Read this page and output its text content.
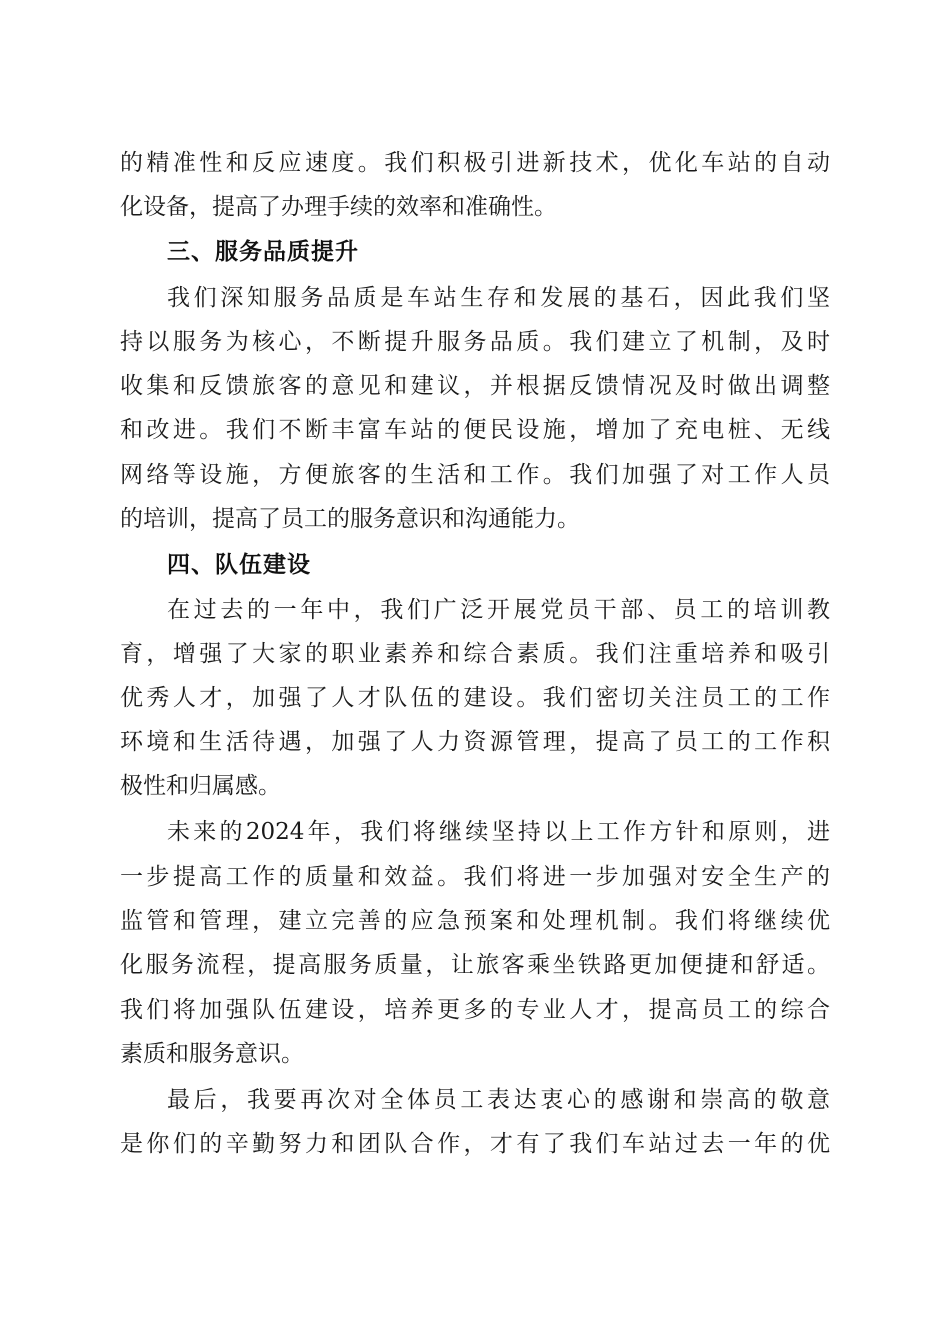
的精准性和反应速度。我们积极引进新技术，优化车站的自动
化设备，提高了办理手续的效率和准确性。
三、服务品质提升
我们深知服务品质是车站生存和发展的基石，因此我们坚
持以服务为核心，不断提升服务品质。我们建立了机制，及时
收集和反馈旅客的意见和建议，并根据反馈情况及时做出调整
和改进。我们不断丰富车站的便民设施，增加了充电桩、无线
网络等设施，方便旅客的生活和工作。我们加强了对工作人员
的培训，提高了员工的服务意识和沟通能力。
四、队伍建设
在过去的一年中，我们广泛开展党员干部、员工的培训教
育，增强了大家的职业素养和综合素质。我们注重培养和吸引
优秀人才，加强了人才队伍的建设。我们密切关注员工的工作
环境和生活待遇，加强了人力资源管理，提高了员工的工作积
极性和归属感。
未来的2024年，我们将继续坚持以上工作方针和原则，进
一步提高工作的质量和效益。我们将进一步加强对安全生产的
监管和管理，建立完善的应急预案和处理机制。我们将继续优
化服务流程，提高服务质量，让旅客乘坐铁路更加便捷和舒适。
我们将加强队伍建设，培养更多的专业人才，提高员工的综合
素质和服务意识。
最后，我要再次对全体员工表达衷心的感谢和崇高的敬意
是你们的辛勤努力和团队合作，才有了我们车站过去一年的优
